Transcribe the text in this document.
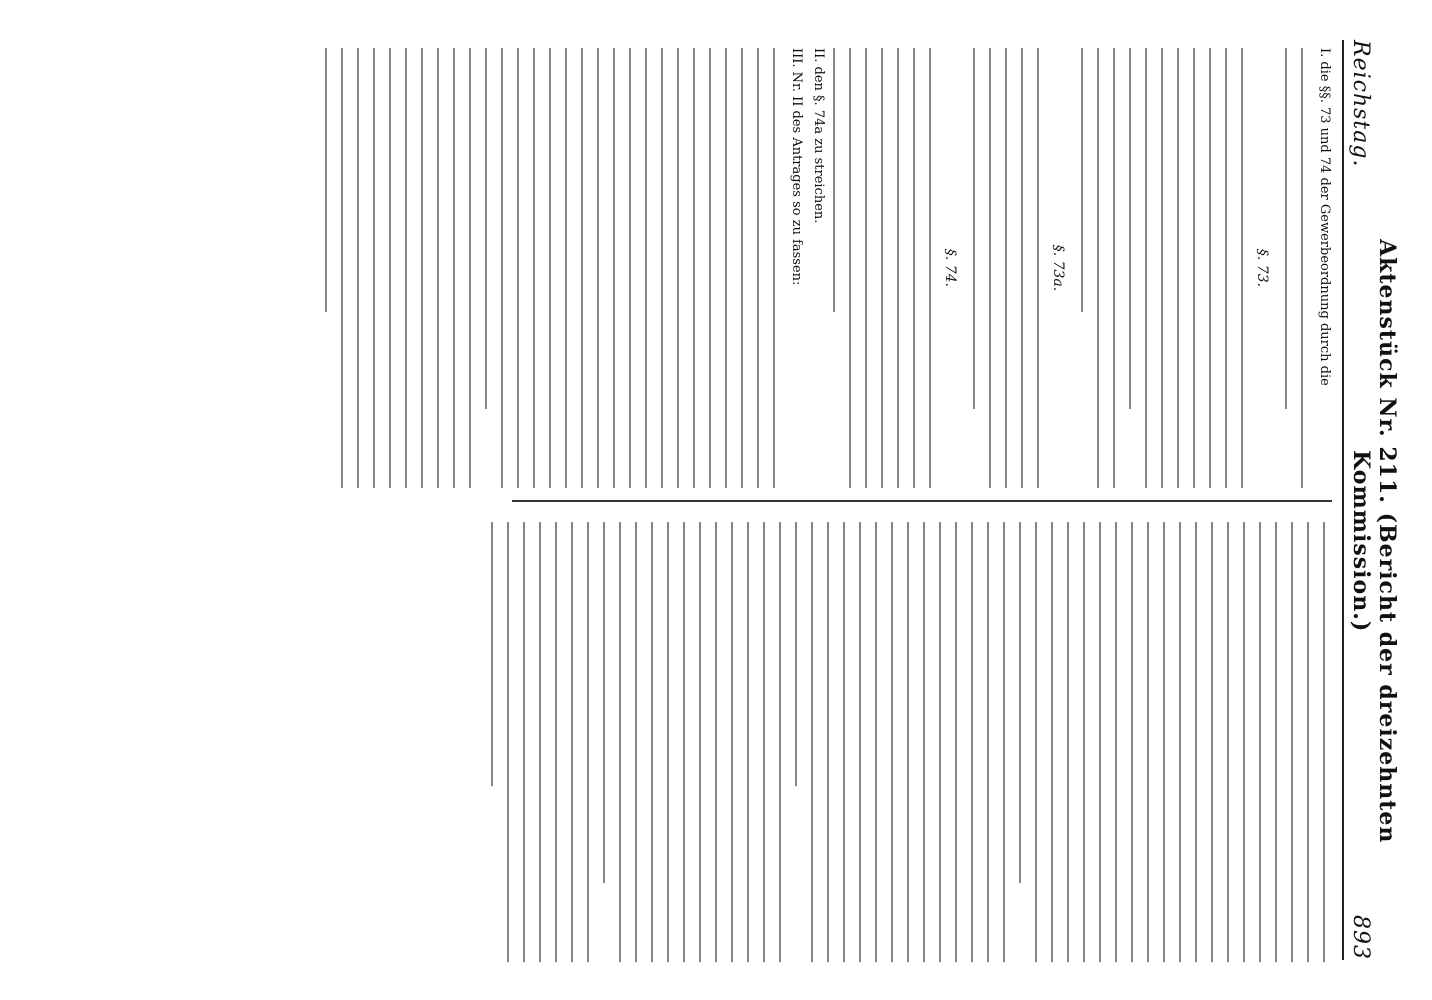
Reichstag.
Aktenstück Nr. 211. (Bericht der dreizehnten Kommission.)
893
I. die §§. 73 und 74 der Gewerbeordnung durch die
§. 73.
§. 73a.
§. 74.
II. den §. 74a zu streichen.
III. Nr. II des Antrages so zu fassen:
